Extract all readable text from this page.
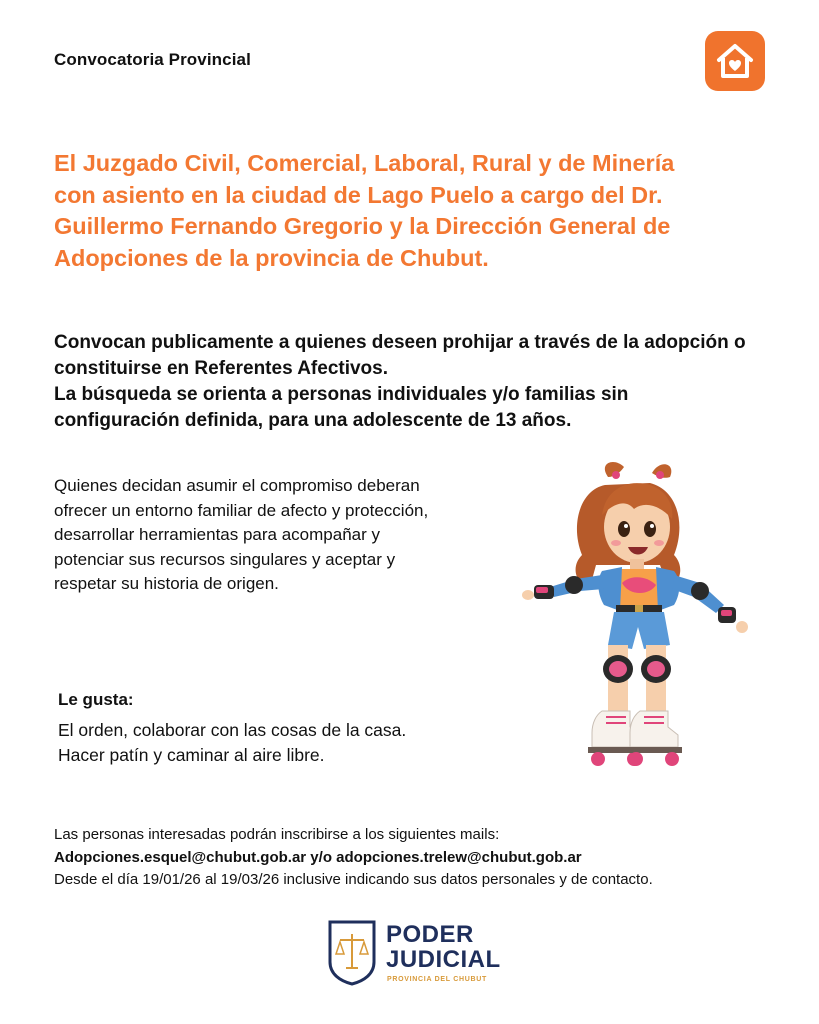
Convocatoria Provincial

El Juzgado Civil, Comercial, Laboral, Rural y de Minería con asiento en la ciudad de Lago Puelo a cargo del Dr. Guillermo Fernando Gregorio y la Dirección General de Adopciones de la provincia de Chubut.

Convocan publicamente a quienes deseen prohijar a través de la adopción o constituirse en Referentes Afectivos.

La búsqueda se orienta a personas individuales y/o familias sin configuración definida, para una adolescente de 13 años.

Quienes decidan asumir el compromiso deberan ofrecer un entorno familiar de afecto y protección, desarrollar herramientas para acompañar y potenciar sus recursos singulares y aceptar y respetar su historia de origen.

Le gusta:

El orden, colaborar con las cosas de la casa.

Hacer patín y caminar al aire libre.

Las personas interesadas podrán inscribirse a los siguientes mails:

Adopciones.esquel@chubut.gob.ar y/o adopciones.trelew@chubut.gob.ar

Desde el día 19/01/26 al 19/03/26 inclusive indicando sus datos personales y de contacto.

PODER
JUDICIAL
PROVINCIA DEL CHUBUT
